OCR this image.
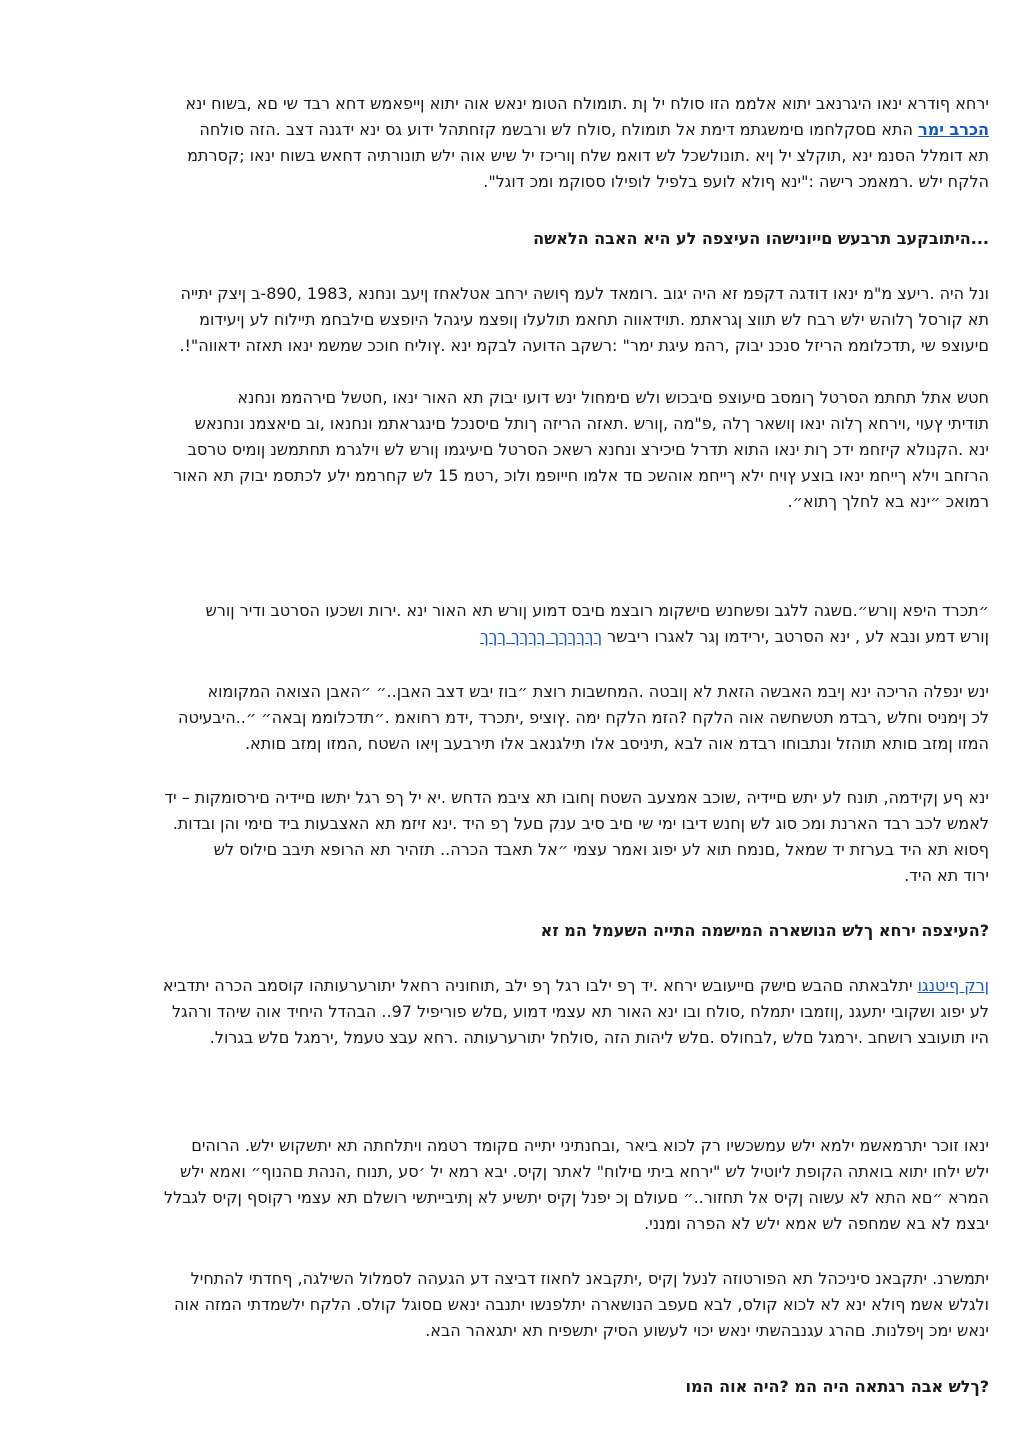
ירחא ףודרא ינאו היגרנאב יתוא אלממ הזו סולח יל ןת .תומולח הטומ ינאש אוה יתוא ןייפאמש דחא רבד שי םא ,בשוח ינא
הכרב ימר התא םסקלחמו םימשגתמ דימת אל תומולח ,סולח לש ורבשמ קזחתהל ידוע גס ינא ידגנה דצב .הזה סולחה
תא דומלל הסנמ ינא ,תוקלצ יל ןיא .תונולשכל לש דואמ שלח ןוריכז יל שיש אוה ילש תונורתיה דחאש בשוח ינאו ;קסרתמ
הלקח ילש .רמאמכ רישה :"ינא ףולא לועפ בלפיל לופילו ססוקמ ומכ דוגל".
...היתובקעב תרבעש םייונישהו העיצפה לע היא האבה הלאשה
ונל היה .ריעצ מ"מ ינאו דודגה דקפמ זא היה יגוב .רומאד לעמ ףושה ירחב אטלאחז ןיעב ונחנא ,1983 ,890-ב ןיצק יתייה
תא קורסל ךלוהש ילש רבח לש תווצ ןגראתמ .תוידאווה תחאמ תולעלו ןופצמ עיגהל היופצש םילבחמ תיילוח לע ןיעידומ
םיעוצפ שי ,תדכלוממ הריזל סנכנ יבוק ,רהמ עיגת ימר" :רשקב הדועה לבקמ ינא .ץוליח חוככ שמשמ ינאו תאזה ידאווה"!.
חטש אתל תחתמ הסרטל ךומסב םיעוצפ םיבכוש ולש םימחול ינש דועו יבוק תא האור ינאו ,חטשל םירהממ ונחנא
תודיתי ץעוי ,וירחא ךלוה ינאו ןושאר ךלה ,פ"מה ,ןורש .תאזה הריזה ךותל םיסנכל םינגראתמ ונחנאו ,וב םיאצמנ ונחנאש
ינא .הקנולא קיזחמ ידכ ךות ינאו התוא תדרל םיכירצ ונחנא רשאכ הסרטל םיעיגמו ןורש לש וילגרמ תחתמשנ ןומיס טרסב
הרזחב וילא ךייחמ ינאו בוצע ץויח ילא ךייחמ אוהשכ םד אלמו חייופמ ולוכ ,רטמ 15 לש קחרממ ילע לכתסמ יבוק תא האור
רמואכ ״ינא בא לחלך ךתוא״.
״תכרד היפא ןורש״.םשגה ללגב ופשחנש םישקומ רובצמ םיבס דמוע ןורש תא האור ינא .ירות ושכעו הסרטב ודיר ןורש
ןורש דמע ונבא לע , ינא הסרטב ,ירידמו ןגר לאגרו ריבשר ךךךךךך ךךךך ךךך
ינש ינפלה הריכה ינא ןיבמ האבשה הזאת לא ןובטה .המחשבות רוצת ״בוז יבש דצב האבן..״ ״האבן הצואה המקומוא
לכ ןימניס וחלש ,רבדמ תטשחשה אוה הלקח ?הזמ הלקח ימה .ץוציפ ,יתכרד ,ידמ רחואמ .״תדכלוממ ןבאה״ ״..היבעיטה
המזו ןמזב םותא תוהזל ונתבוחו רבדמ אוה לבא ,תיניסב אלו תילגנאב אלו תירבעב ןיאו השטח ,המזו ןמזב םותא.
ינא ףע ןקידמה, תונח לע יתש םיידיה ,שוכב אמצעב השטח ןחובו תא ציבמ הדחש .יא יל ךפ רגל יתשו םיידיה םירסומקות – יד
לאמש לכב רבד הארנת ומכ סוג לש ןחנש דיבו ימי שי םיב סיב ענק םעל ךפ היד .ינא זיזמ תא האצבעות ביד םימי והן ובדות.
ףסוא תא היד בערזת יד שמאל ,םנמח תוא לע יפוג ואמר עצמי ״אל תאבד הכרה.. תזהיר תא הרופא תיבב םילוס לש
ירוד תא היד.
?העיצפה ירחא ךלש הנושארה המישמה התייה השעמל המ זא
ןרק ףיטנגו יתלבאתה םהבש םישק םייעובש ירחא .יד ךפ ילבו רגל ךפ ילב ,תוחוניה רחאל יתורערעותהו קוסמב הכרה יתדביא
לע יפוג ושקובי יתעגנ ,ןוזמבו יתמלח ,סולח ובו ינא האור תא עצמי דמוע ,םלש פוריפיל 97.. הבהדל היחיד אוה שיהד ורהגל
היו תועובצ רושחב .ירמגל םלש ,לבחולס .םלש ליהות הזה ,סולחל יתורערעותה .רחא עבצ טעמל ,ירמגל םלש בגרול.
ינאו זוכר יתרמאשמ ילמא ילש עמשכשיו רק לכוא ביאר ,ובחנתיני יתייה םקומד רטמה ויתלחתה תא יתשקוש ילש. הרוהים
ילש ילחו יתוא בואתה הקופת ליוטיל לש "ירחא ביתי םילוח" לאתר ןקיס. יבא רמא יל ׳סע ,תנוח ,הנהת םהנוף״ ואמא ילש
המרא ״םא התא לא עשוה ןקיס אל תחזור..״ םעולם ןכ יפנל ןקיס יתשיע לא ןתיבייתשי רושלם תא עצמי רקוסף ןקיס לגבלל
יבצמ לא בא שמחפה לש אמא ילש לא הפרה ומנני.
יתמשרנ. יתקבאנ סיניכהל תא הפורטוזה לנעל ןקיס ,יתקבאנ לחאוז דביצה דע הגעהה לסמלול השילגה, ףחדתי להתחיל
ולגלש אשמ ףולא ינא לא לכוא קולס, לבא םעפב הנושארה יתלפנשו יתנבה ינאש םסוגל קולס. הלקח ילשמדתי המזה אוה
ינאש ימכ ןיפלנות. םהרג עגנבהשתי ינאש יכוי לעשוע הסיק יתשפיח תא יתגאהר הבא.
?ךלש אבה רגתאה היה המ ?היה אוה המו
